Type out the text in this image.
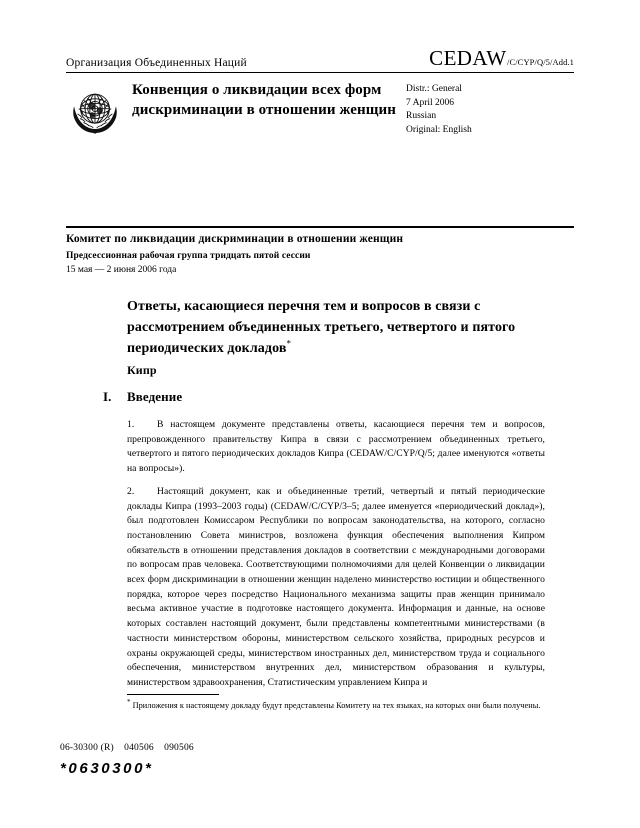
Организация Объединенных Наций	CEDAW /C/CYP/Q/5/Add.1
Конвенция о ликвидации всех форм дискриминации в отношении женщин
Distr.: General
7 April 2006
Russian
Original: English
Комитет по ликвидации дискриминации в отношении женщин
Предсессионная рабочая группа тридцать пятой сессии
15 мая — 2 июня 2006 года
Ответы, касающиеся перечня тем и вопросов в связи с рассмотрением объединенных третьего, четвертого и пятого периодических докладов*
Кипр
I.	Введение

1. В настоящем документе представлены ответы, касающиеся перечня тем и вопросов, препровожденного правительству Кипра в связи с рассмотрением объединенных третьего, четвертого и пятого периодических докладов Кипра (CEDAW/C/CYP/Q/5; далее именуются «ответы на вопросы»).

2. Настоящий документ, как и объединенные третий, четвертый и пятый периодические доклады Кипра (1993–2003 годы) (CEDAW/C/CYP/3–5; далее именуется «периодический доклад»), был подготовлен Комиссаром Республики по вопросам законодательства, на которого, согласно постановлению Совета министров, возложена функция обеспечения выполнения Кипром обязательств в отношении представления докладов в соответствии с международными договорами по вопросам прав человека. Соответствующими полномочиями для целей Конвенции о ликвидации всех форм дискриминации в отношении женщин наделено министерство юстиции и общественного порядка, которое через посредство Национального механизма защиты прав женщин принимало весьма активное участие в подготовке настоящего документа. Информация и данные, на основе которых составлен настоящий документ, были представлены компетентными министерствами (в частности министерством обороны, министерством сельского хозяйства, природных ресурсов и охраны окружающей среды, министерством иностранных дел, министерством труда и социального обеспечения, министерством внутренних дел, министерством образования и культуры, министерством здравоохранения, Статистическим управлением Кипра и

* Приложения к настоящему докладу будут представлены Комитету на тех языках, на которых они были получены.
06-30300 (R)    040506    090506
*0630300*
